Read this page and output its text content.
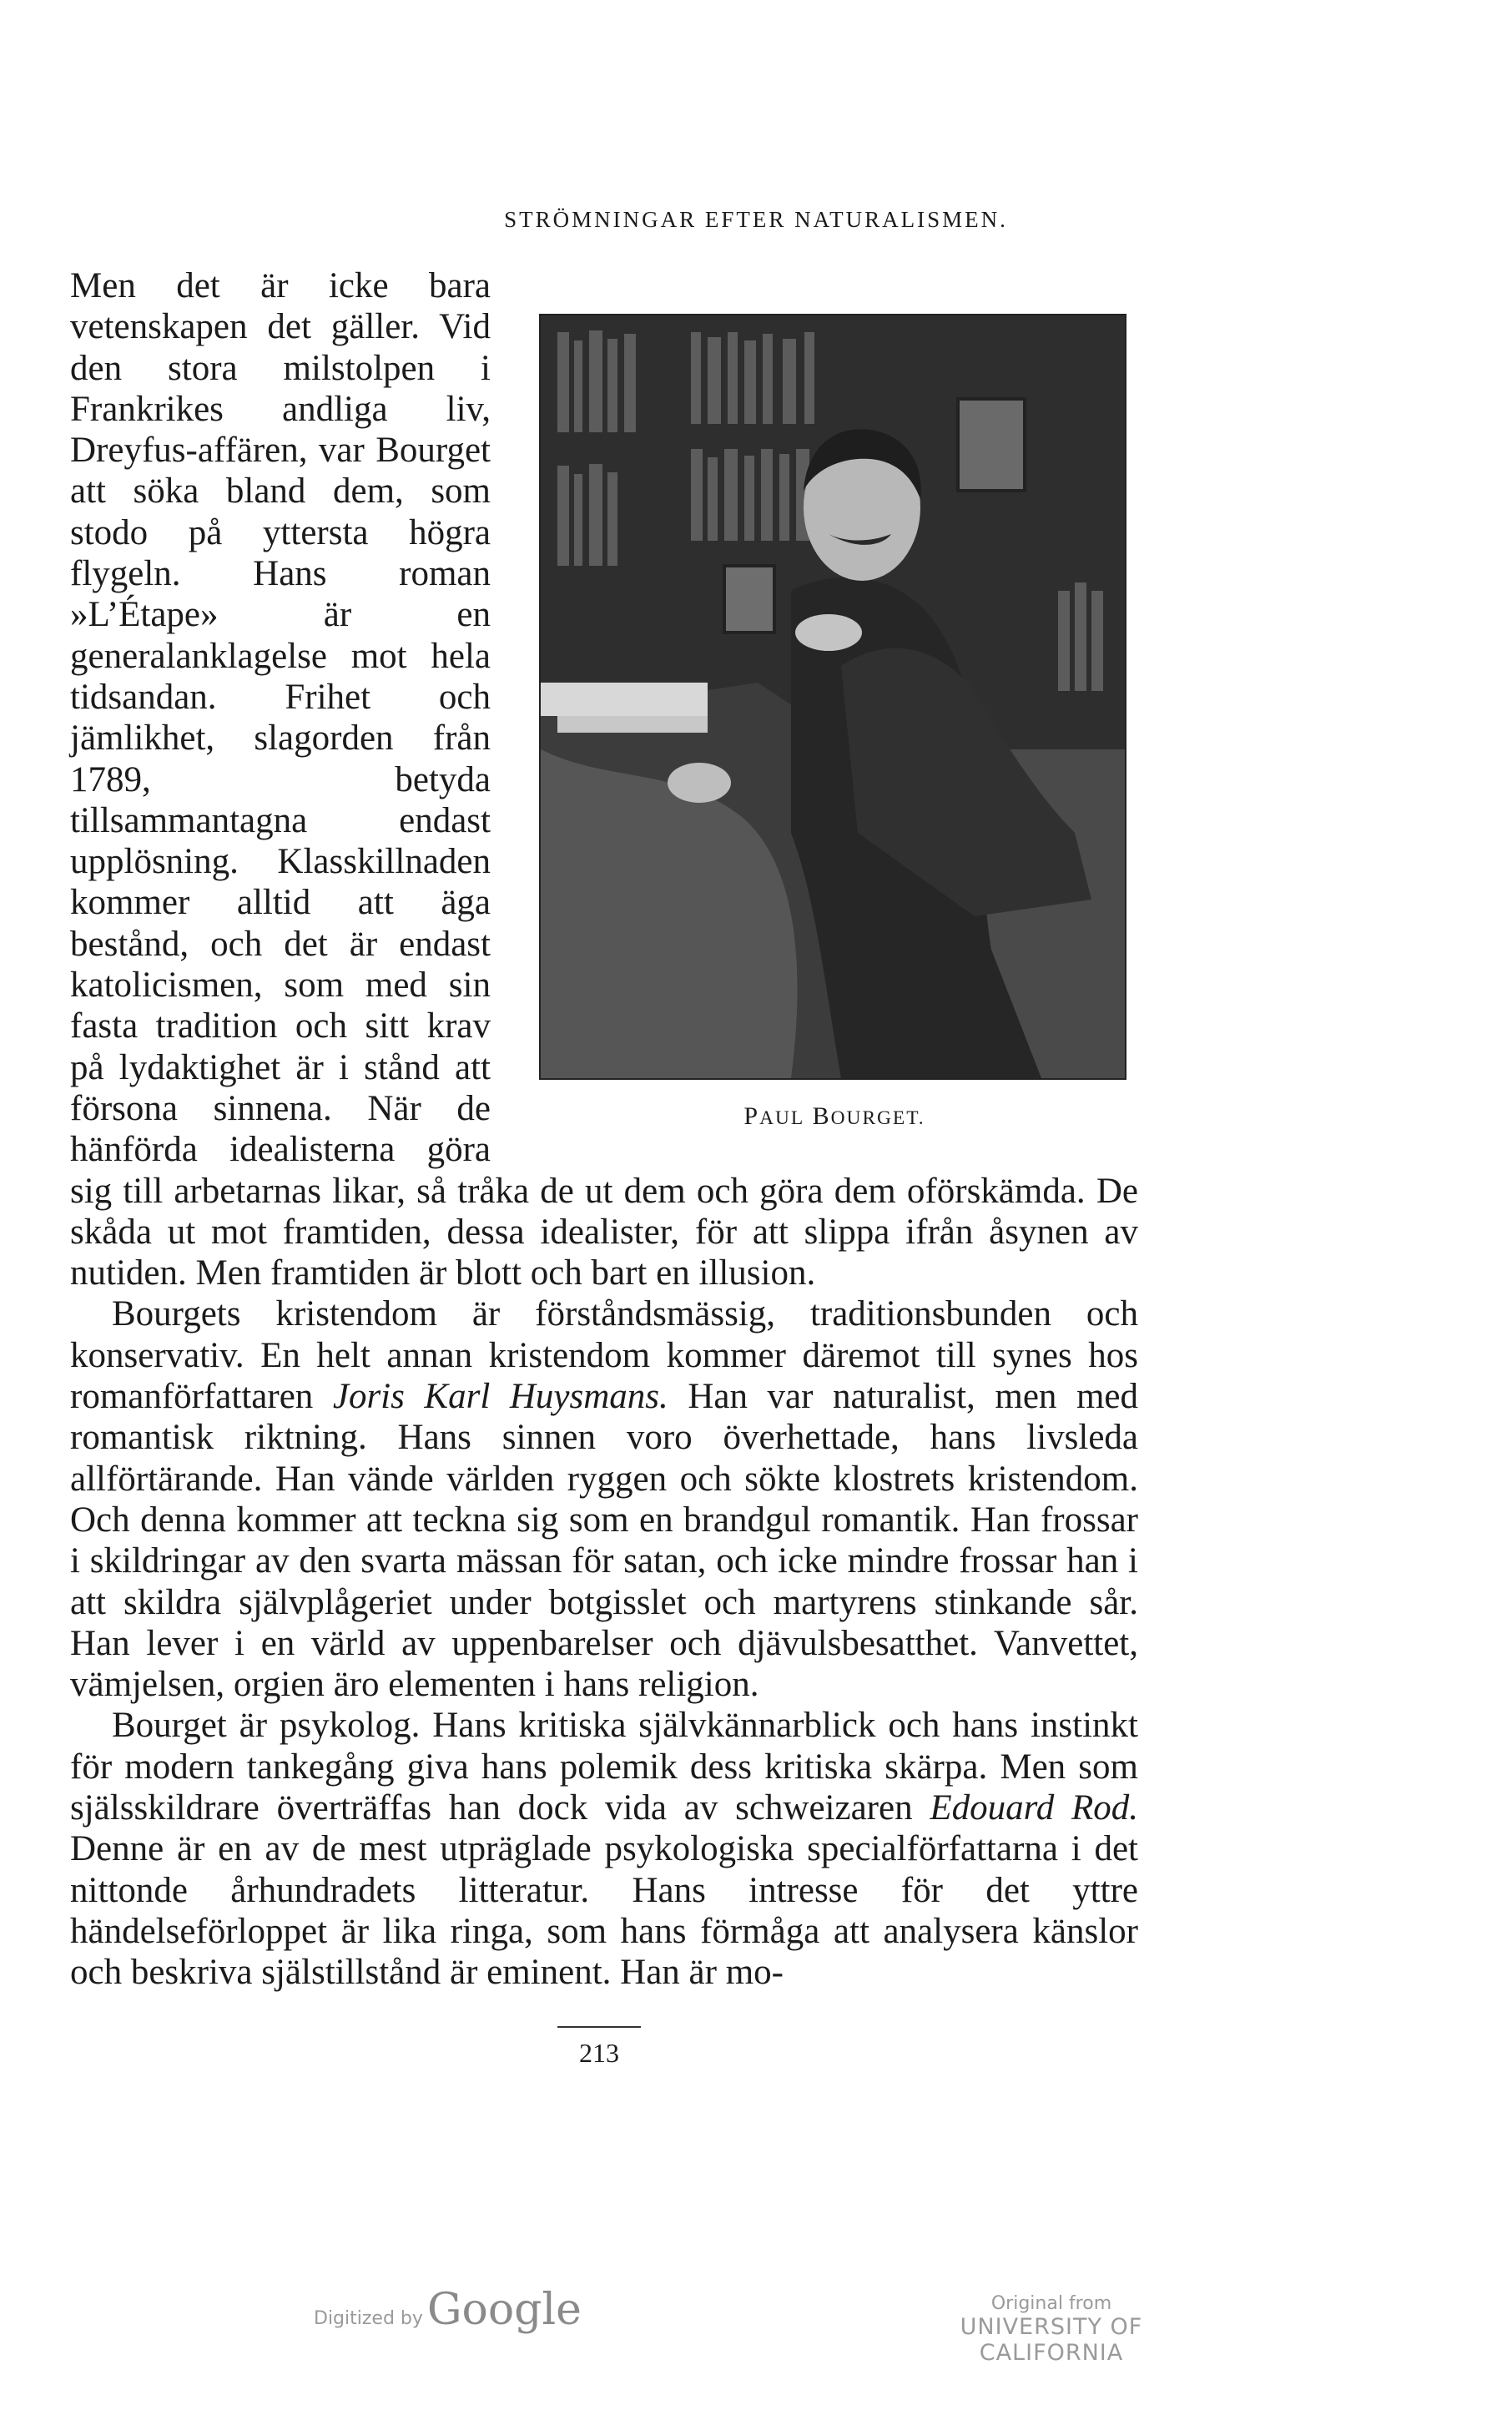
STRÖMNINGAR EFTER NATURALISMEN.

PAUL BOURGET.
Men det är icke bara vetenskapen det gäller. Vid den stora milstolpen i Frankrikes andliga liv, Dreyfus-affären, var Bourget att söka bland dem, som stodo på yttersta högra flygeln. Hans roman »L’Étape» är en generalanklagelse mot hela tidsandan. Frihet och jämlikhet, slagorden från 1789, betyda tillsammantagna endast upplösning. Klasskillnaden kommer alltid att äga bestånd, och det är endast katolicismen, som med sin fasta tradition och sitt krav på lydaktighet är i stånd att försona sinnena. När de hänförda idealisterna göra sig till arbetarnas likar, så tråka de ut dem och göra dem oförskämda. De skåda ut mot framtiden, dessa idealister, för att slippa ifrån åsynen av nutiden. Men framtiden är blott och bart en illusion.

Bourgets kristendom är förståndsmässig, traditionsbunden och konservativ. En helt annan kristendom kommer däremot till synes hos romanförfattaren Joris Karl Huysmans. Han var naturalist, men med romantisk riktning. Hans sinnen voro överhettade, hans livsleda allförtärande. Han vände världen ryggen och sökte klostrets kristendom. Och denna kommer att teckna sig som en brandgul romantik. Han frossar i skildringar av den svarta mässan för satan, och icke mindre frossar han i att skildra självplågeriet under botgisslet och martyrens stinkande sår. Han lever i en värld av uppenbarelser och djävulsbesatthet. Vanvettet, vämjelsen, orgien äro elementen i hans religion.

Bourget är psykolog. Hans kritiska självkännarblick och hans instinkt för modern tankegång giva hans polemik dess kritiska skärpa. Men som själsskildrare överträffas han dock vida av schweizaren Edouard Rod. Denne är en av de mest utpräglade psykologiska specialförfattarna i det nittonde århundradets litteratur. Hans intresse för det yttre händelseförloppet är lika ringa, som hans förmåga att analysera känslor och beskriva själstillstånd är eminent. Han är mo-

213
Digitized by Google	Original from
UNIVERSITY OF CALIFORNIA
